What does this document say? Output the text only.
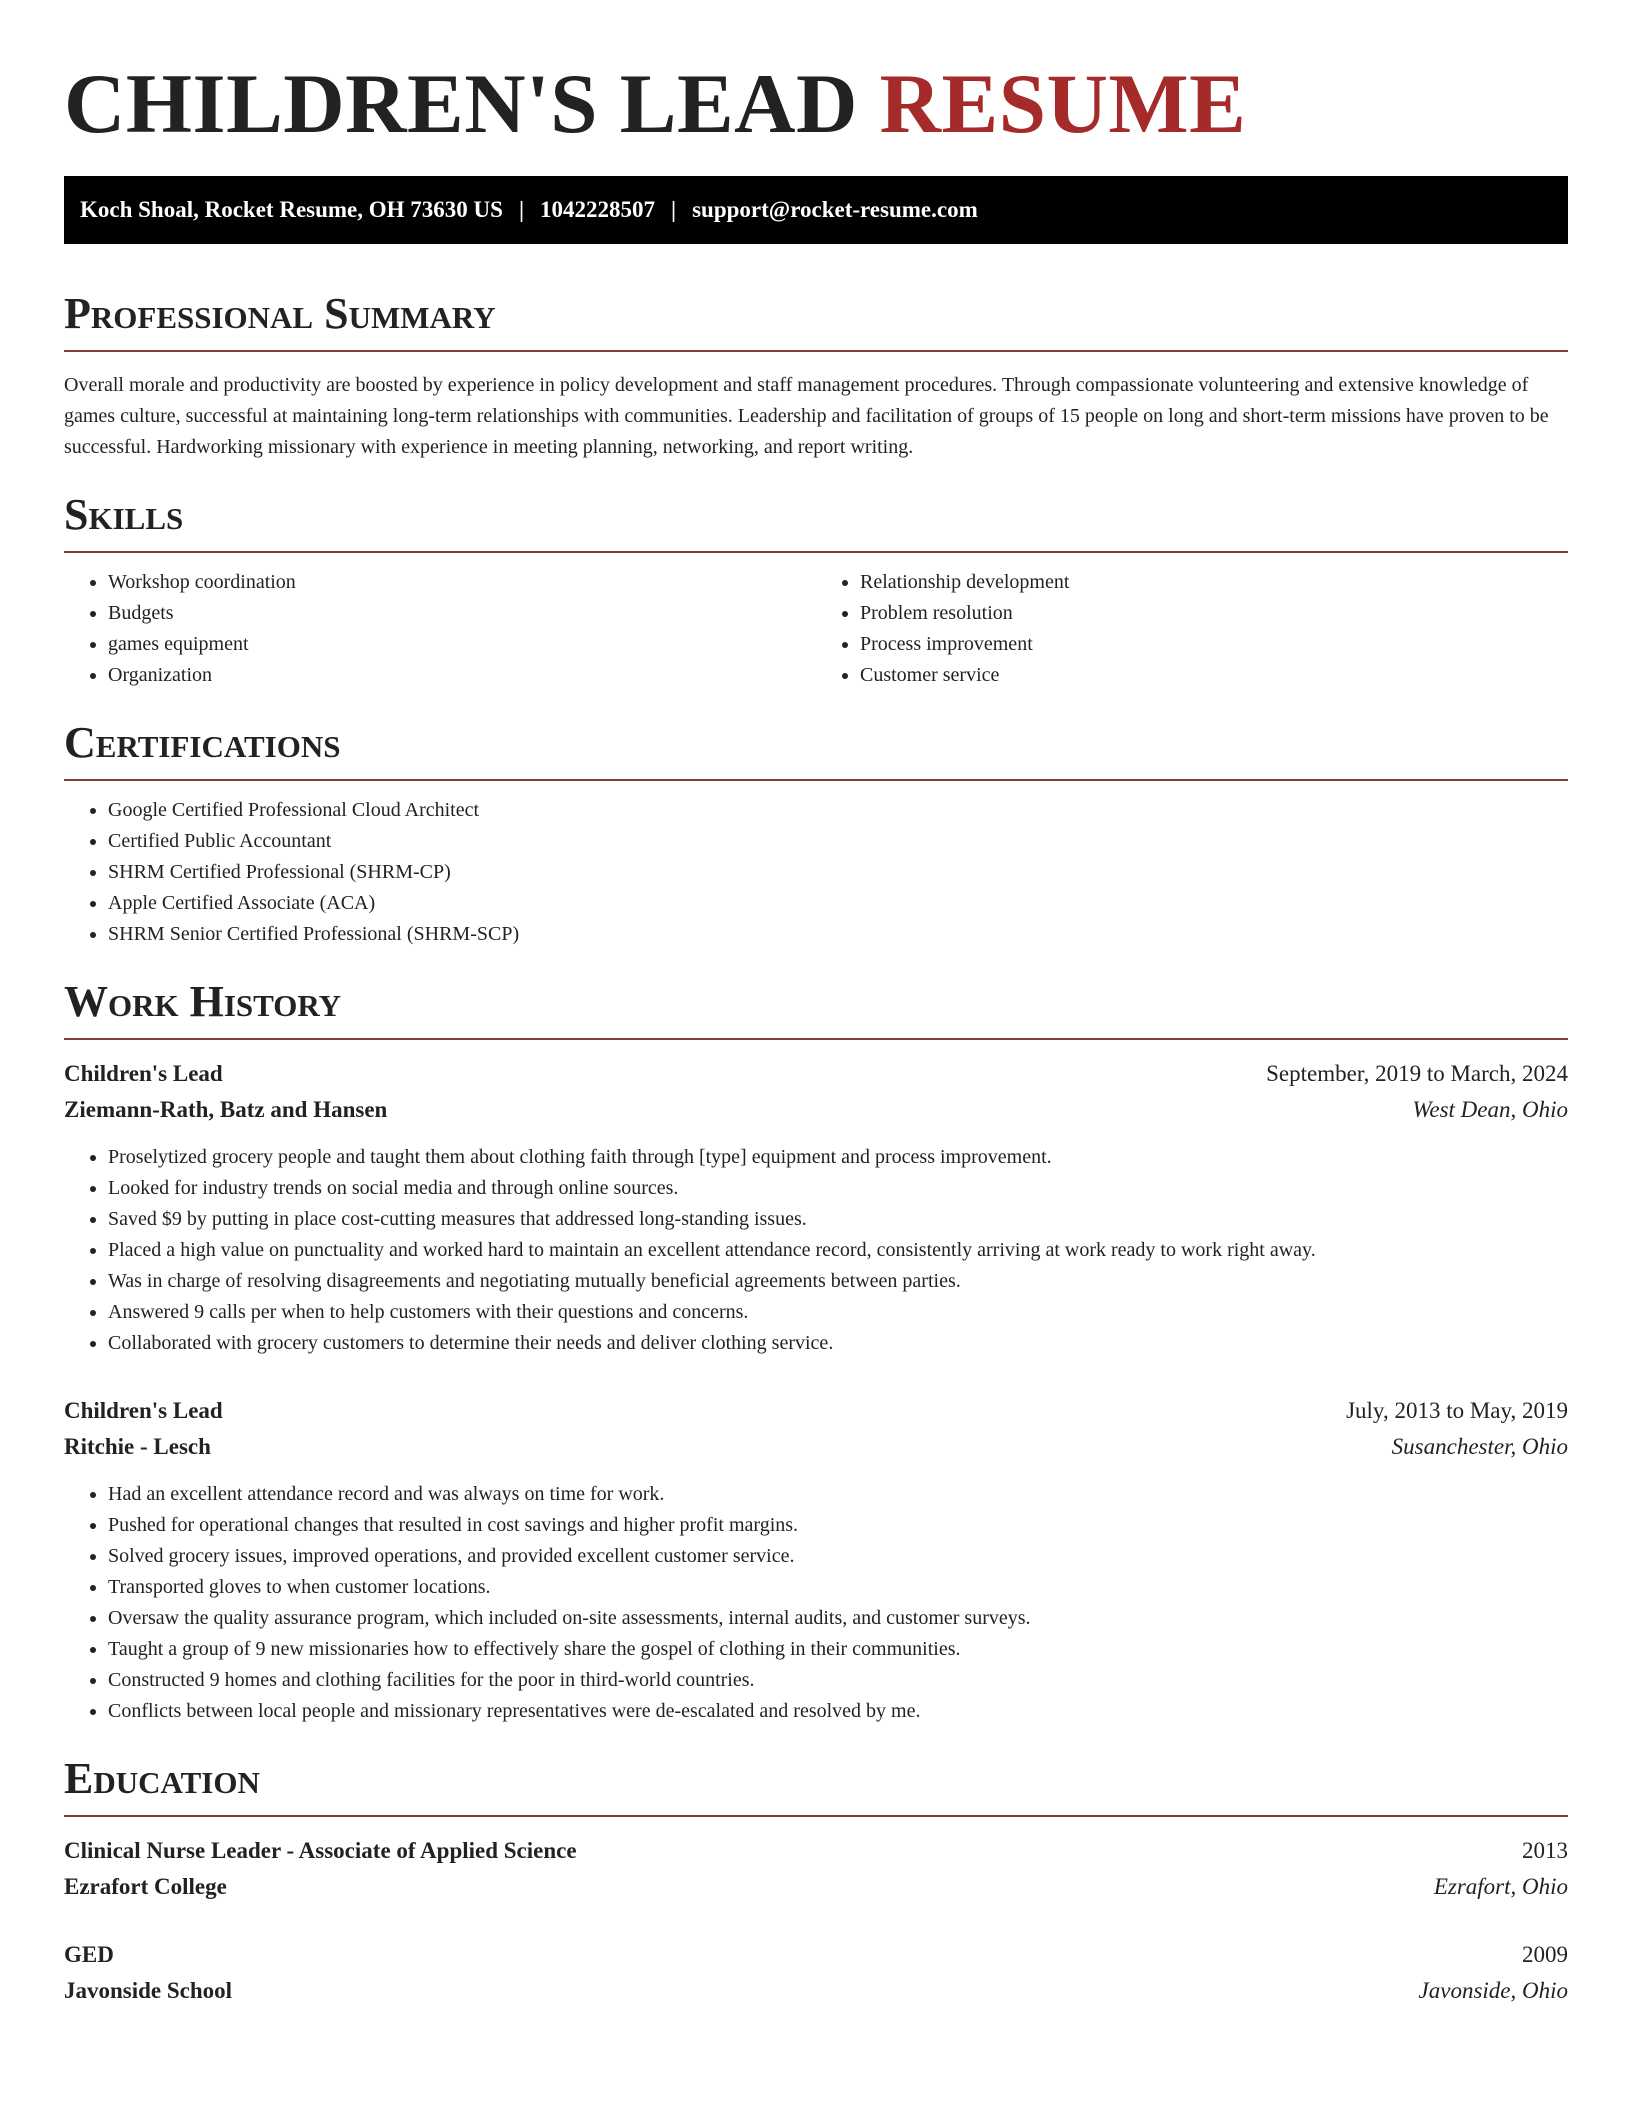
CHILDREN'S LEAD RESUME
Koch Shoal, Rocket Resume, OH 73630 US | 1042228507 | support@rocket-resume.com
Professional Summary

Overall morale and productivity are boosted by experience in policy development and staff management procedures. Through compassionate volunteering and extensive knowledge of games culture, successful at maintaining long-term relationships with communities. Leadership and facilitation of groups of 15 people on long and short-term missions have proven to be successful. Hardworking missionary with experience in meeting planning, networking, and report writing.

Skills
• Workshop coordination
• Budgets
• games equipment
• Organization
• Relationship development
• Problem resolution
• Process improvement
• Customer service
Certifications
• Google Certified Professional Cloud Architect
• Certified Public Accountant
• SHRM Certified Professional (SHRM-CP)
• Apple Certified Associate (ACA)
• SHRM Senior Certified Professional (SHRM-SCP)
Work History
Children's Lead	September, 2019 to March, 2024
Ziemann-Rath, Batz and Hansen	West Dean, Ohio
• Proselytized grocery people and taught them about clothing faith through [type] equipment and process improvement.
• Looked for industry trends on social media and through online sources.
• Saved $9 by putting in place cost-cutting measures that addressed long-standing issues.
• Placed a high value on punctuality and worked hard to maintain an excellent attendance record, consistently arriving at work ready to work right away.
• Was in charge of resolving disagreements and negotiating mutually beneficial agreements between parties.
• Answered 9 calls per when to help customers with their questions and concerns.
• Collaborated with grocery customers to determine their needs and deliver clothing service.
Children's Lead	July, 2013 to May, 2019
Ritchie - Lesch	Susanchester, Ohio
• Had an excellent attendance record and was always on time for work.
• Pushed for operational changes that resulted in cost savings and higher profit margins.
• Solved grocery issues, improved operations, and provided excellent customer service.
• Transported gloves to when customer locations.
• Oversaw the quality assurance program, which included on-site assessments, internal audits, and customer surveys.
• Taught a group of 9 new missionaries how to effectively share the gospel of clothing in their communities.
• Constructed 9 homes and clothing facilities for the poor in third-world countries.
• Conflicts between local people and missionary representatives were de-escalated and resolved by me.
Education
Clinical Nurse Leader - Associate of Applied Science	2013
Ezrafort College	Ezrafort, Ohio
GED	2009
Javonside School	Javonside, Ohio
